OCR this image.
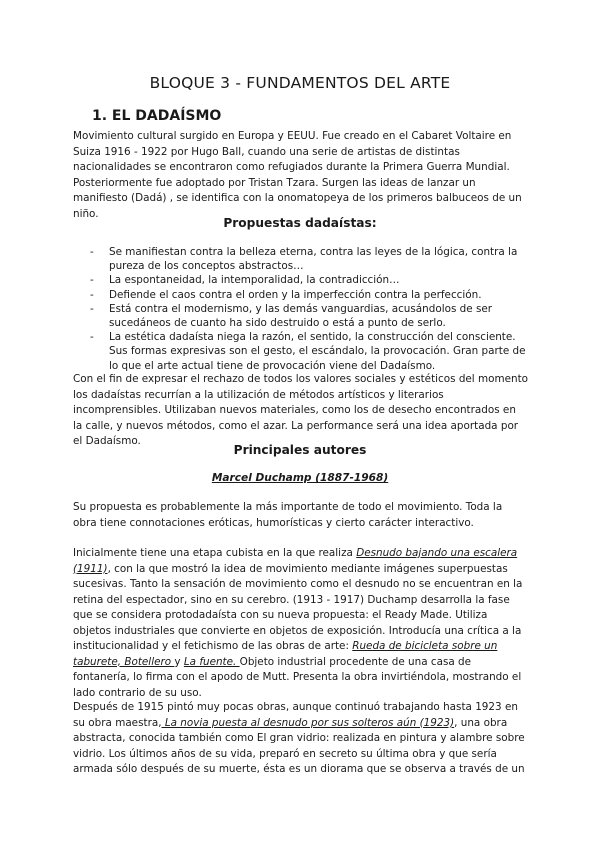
BLOQUE 3 - FUNDAMENTOS DEL ARTE
1. EL DADAÍSMO

Movimiento cultural surgido en Europa y EEUU. Fue creado en el Cabaret Voltaire en Suiza 1916 - 1922 por Hugo Ball, cuando una serie de artistas de distintas nacionalidades se encontraron como refugiados durante la Primera Guerra Mundial. Posteriormente fue adoptado por Tristan Tzara. Surgen las ideas de lanzar un manifiesto (Dadá) , se identifica con la onomatopeya de los primeros balbuceos de un niño.

Propuestas dadaístas:
- Se manifiestan contra la belleza eterna, contra las leyes de la lógica, contra la pureza de los conceptos abstractos…
- La espontaneidad, la intemporalidad, la contradicción…
- Defiende el caos contra el orden y la imperfección contra la perfección.
- Está contra el modernismo, y las demás vanguardias, acusándolos de ser sucedáneos de cuanto ha sido destruido o está a punto de serlo.
- La estética dadaísta niega la razón, el sentido, la construcción del consciente. Sus formas expresivas son el gesto, el escándalo, la provocación. Gran parte de lo que el arte actual tiene de provocación viene del Dadaísmo.

Con el fin de expresar el rechazo de todos los valores sociales y estéticos del momento los dadaístas recurrían a la utilización de métodos artísticos y literarios incomprensibles. Utilizaban nuevos materiales, como los de desecho encontrados en la calle, y nuevos métodos, como el azar. La performance será una idea aportada por el Dadaísmo.

Principales autores
Marcel Duchamp (1887-1968)

Su propuesta es probablemente la más importante de todo el movimiento. Toda la obra tiene connotaciones eróticas, humorísticas y cierto carácter interactivo.

Inicialmente tiene una etapa cubista en la que realiza Desnudo bajando una escalera (1911), con la que mostró la idea de movimiento mediante imágenes superpuestas sucesivas. Tanto la sensación de movimiento como el desnudo no se encuentran en la retina del espectador, sino en su cerebro. (1913 - 1917) Duchamp desarrolla la fase que se considera protodadaísta con su nueva propuesta: el Ready Made. Utiliza objetos industriales que convierte en objetos de exposición. Introducía una crítica a la institucionalidad y el fetichismo de las obras de arte: Rueda de bicicleta sobre un taburete, Botellero y La fuente. Objeto industrial procedente de una casa de fontanería, lo firma con el apodo de Mutt. Presenta la obra invirtiéndola, mostrando el lado contrario de su uso.

Después de 1915 pintó muy pocas obras, aunque continuó trabajando hasta 1923 en su obra maestra, La novia puesta al desnudo por sus solteros aún (1923), una obra abstracta, conocida también como El gran vidrio: realizada en pintura y alambre sobre vidrio. Los últimos años de su vida, preparó en secreto su última obra y que sería armada sólo después de su muerte, ésta es un diorama que se observa a través de un
